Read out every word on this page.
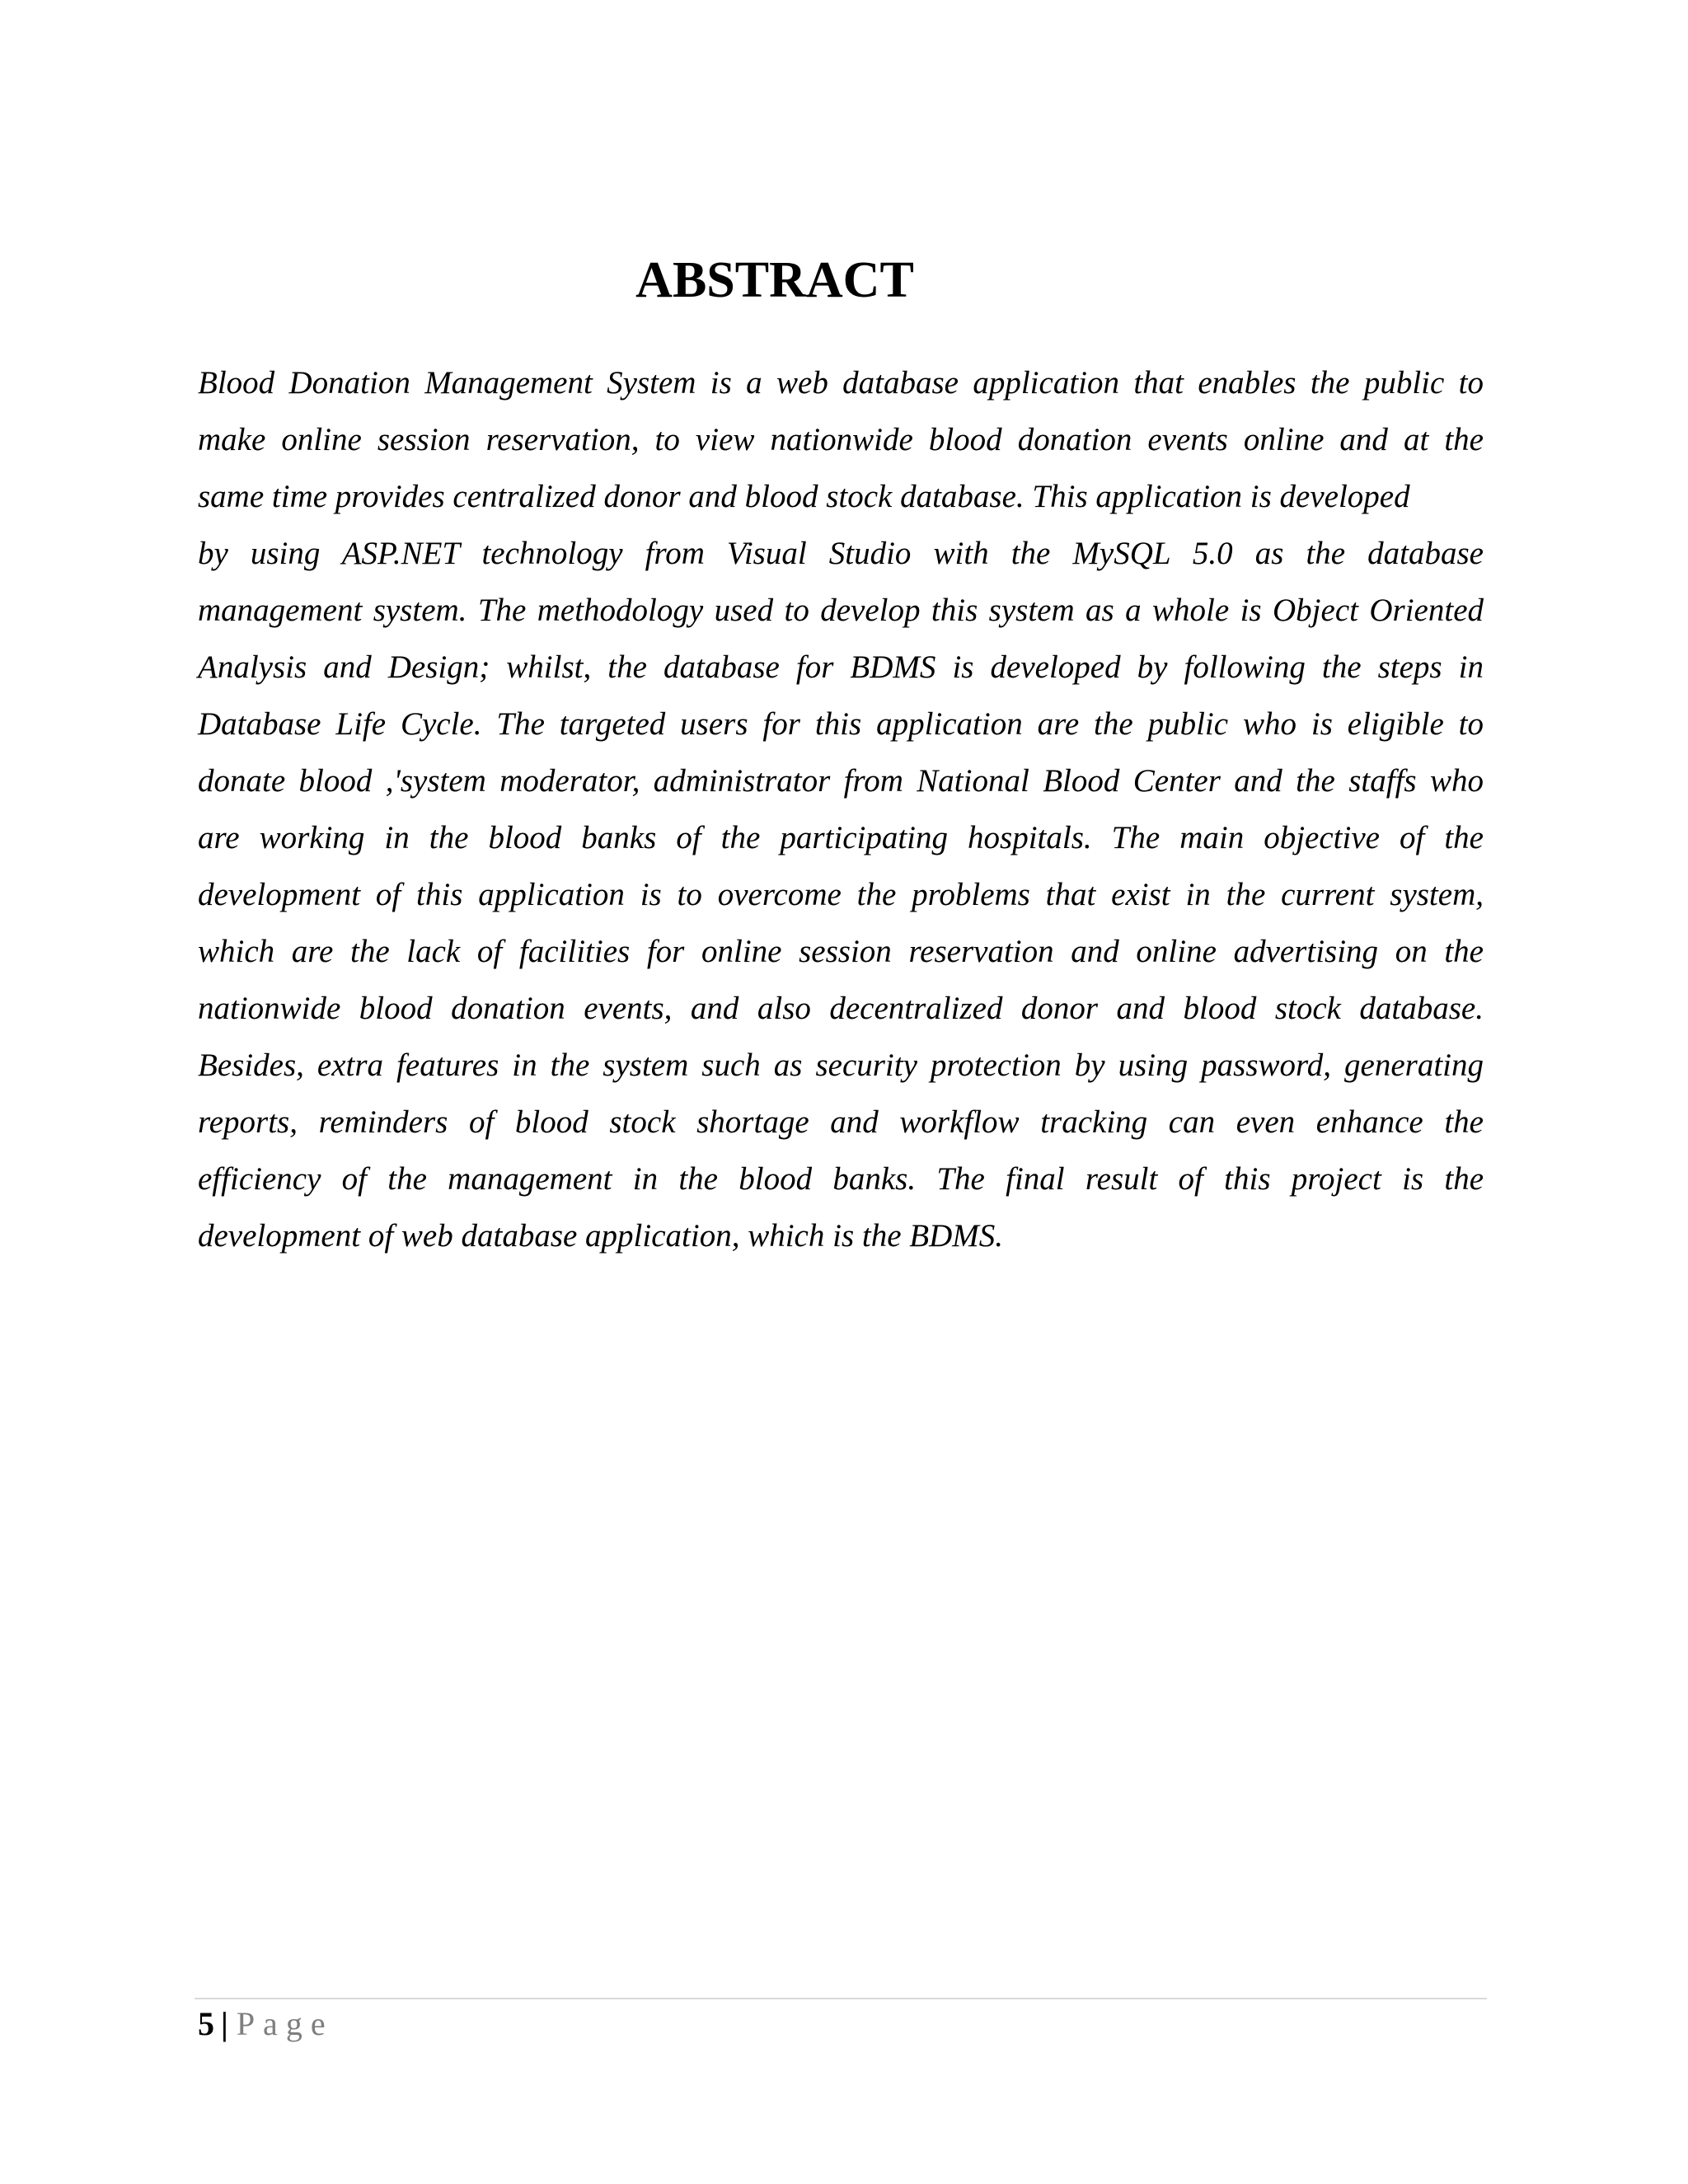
ABSTRACT
Blood Donation Management System is a web database application that enables the public to
make online session reservation, to view nationwide blood donation events online and at the
same time provides centralized donor and blood stock database. This application is developed
by using ASP.NET technology from Visual Studio with the MySQL 5.0 as the database
management system. The methodology used to develop this system as a whole is Object Oriented
Analysis and Design; whilst, the database for BDMS is developed by following the steps in
Database Life Cycle. The targeted users for this application are the public who is eligible to
donate blood ,'system moderator, administrator from National Blood Center and the staffs who
are working in the blood banks of the participating hospitals. The main objective of the
development of this application is to overcome the problems that exist in the current system,
which are the lack of facilities for online session reservation and online advertising on the
nationwide blood donation events, and also decentralized donor and blood stock database.
Besides, extra features in the system such as security protection by using password, generating
reports, reminders of blood stock shortage and workflow tracking can even enhance the
efficiency of the management in the blood banks. The final result of this project is the
development of web database application, which is the BDMS.
5 | Page
